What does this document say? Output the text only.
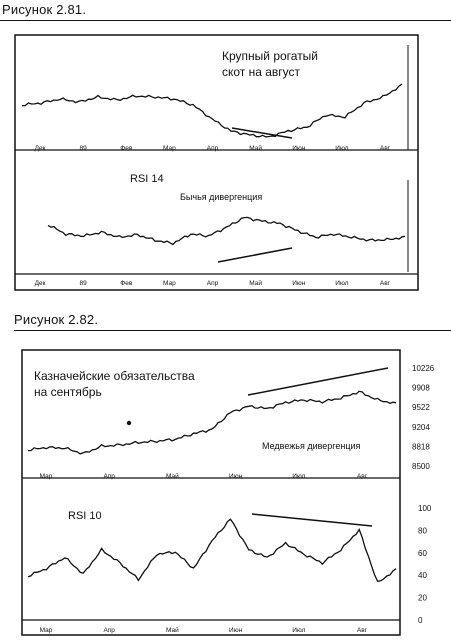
Рисунок 2.81.
Рисунок 2.82.
Крупный рогатый
скот на август
RSI 14
Бычья дивергенция
Дек	89	Фев	Мар	Апр	Май	Июн	Июл	Авг
Дек	89	Фев	Мар	Апр	Май	Июн	Июл	Авг
Казначейские обязательства
на сентябрь
Медвежья дивергенция
RSI 10
10226
9908
9522
9204
8818
8500
100
80
60
40
20
0
Мар	Апр	Май	Июн	Июл	Авг
Мар	Апр	Май	Июн	Июл	Авг
